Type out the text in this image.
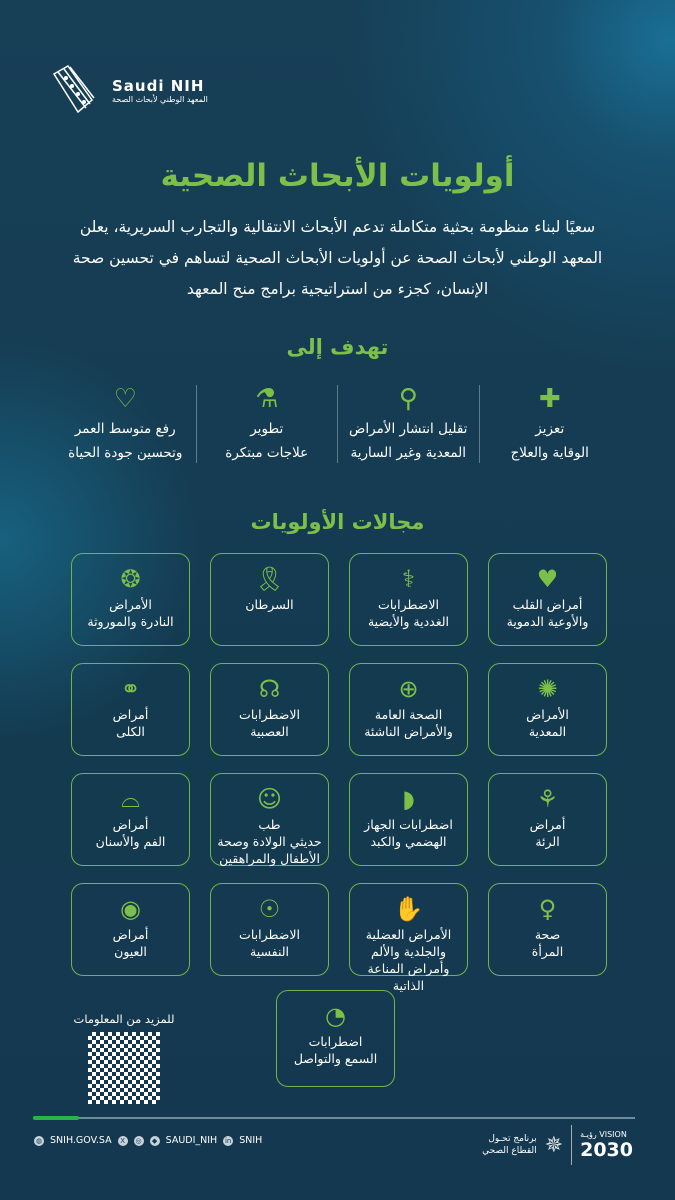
Saudi NIH
المعهد الوطني لأبحاث الصحة
أولويات الأبحاث الصحية
سعيًا لبناء منظومة بحثية متكاملة تدعم الأبحاث الانتقالية والتجارب السريرية، يعلن المعهد الوطني لأبحاث الصحة عن أولويات الأبحاث الصحية لتساهم في تحسين صحة الإنسان، كجزء من استراتيجية برامج منح المعهد
تهدف إلى
✚
تعزيز
الوقاية والعلاج
⚲
تقليل انتشار الأمراض
المعدية وغير السارية
⚗
تطوير
علاجات مبتكرة
♡
رفع متوسط العمر
وتحسين جودة الحياة
مجالات الأولويات
♥
أمراض القلب
والأوعية الدموية
⚕
الاضطرابات
الغددية والأيضية
🎗
السرطان
❂
الأمراض
النادرة والموروثة
✺
الأمراض
المعدية
⊕
الصحة العامة
والأمراض الناشئة
☊
الاضطرابات
العصبية
⚭
أمراض
الكلى
⚘
أمراض
الرئة
◗
اضطرابات الجهاز
الهضمي والكبد
☺
طب
حديثي الولادة وصحة الأطفال والمراهقين
⌓
أمراض
الفم والأسنان
♀
صحة
المرأة
✋
الأمراض العضلية
والجلدية والألم وأمراض المناعة الذاتية
☉
الاضطرابات
النفسية
◉
أمراض
العيون
◔
اضطرابات
السمع والتواصل
للمزيد من المعلومات
◍ SNIH.GOV.SA	X	◎	◆ SAUDI_NIH in SNIH
VISION رؤيـة
2030
✵
برنامج تحـول القطاع الصحي
